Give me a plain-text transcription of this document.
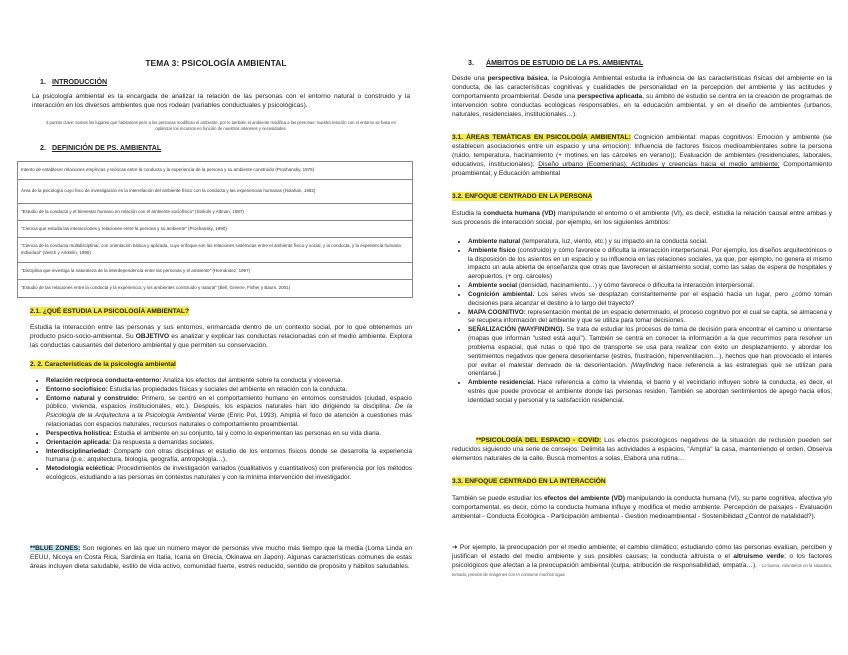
TEMA 3: PSICOLOGÍA AMBIENTAL
1. INTRODUCCIÓN

La psicología ambiental es la encargada de analizar la relación de las personas con el entorno natural o construido y la interacción en los diversos ambientes que nos rodean (variables conductuales y psicológicas).

3 puntos clave: somos los lugares que habitamos pero a los personas modifican el ambiente, por lo también el ambiente modifica a las personas: nuestra relación con el entorno se basa en optimizar los recursos en función de nuestros intereses y necesidades.
2. DEFINICIÓN DE PS. AMBIENTAL
Intento de establecer relaciones empíricas y teóricas entre la conducta y la experiencia de la persona y su ambiente construido (Proshansky, 1976)
Área de la psicología cuyo foco de investigación es la interrelación del ambiente físico con la conducta y las experiencias humanas (Holahan, 1982)
"Estudio de la conducta y el bienestar humano en relación con el ambiente sociofísico" (Stokols y Altman, 1987)
"Ciencia que estudia las interacciones y relaciones entre la persona y su ambiente" (Proshansky, 1990)
"Ciencia de la conducta multidisciplinar, con orientación básica y aplicada, cuyo enfoque son las relaciones sistémicas entre el ambiente físico y social, y la conducta, y la experiencia humana individual" (Veitch y Arkkelin, 1995)
"Disciplina que investiga la naturaleza de la interdependencia entre las personas y el ambiente" (Hernández, 1997)
"Estudio de las relaciones entre la conducta y la experiencia, y los ambientes construido y natural" (Bell, Greene, Fisher y Baum, 2001)
2.1. ¿QUÉ ESTUDIA LA PSICOLOGÍA AMBIENTAL?

Estudia la interacción entre las personas y sus entornos, enmarcada dentro de un contexto social, por lo que obtenemos un producto psico-socio-ambiental. Su OBJETIVO es analizar y explicar las conductas relacionadas con el medio ambiente. Explora las conductas causantes del deterioro ambiental y que permiten su conservación.

2. 2. Características de la psicología ambiental
• Relación recíproca conducta-entorno: Analiza los efectos del ambiente sobre la conducta y viceversa.
• Entorno sociofísico: Estudia las propiedades físicas y sociales del ambiente en relación con la conducta.
• Entorno natural y construido: Primero, se centró en el comportamiento humano en entornos construidos (ciudad, espacio público, vivienda, espacios institucionales, etc.). Después, los espacios naturales han ido dirigiendo la disciplina. De la Psicología de la Arquitectura a la Psicología Ambiental Verde (Enric Pol, 1993). Amplía el foco de atención a cuestiones más relacionadas con espacios naturales, recursos naturales o comportamiento proambiental.
• Perspectiva holística: Estudia el ambiente en su conjunto, tal y como lo experimentan las personas en su vida diaria.
• Orientación aplicada: Da respuesta a demandas sociales.
• Interdisciplinariedad: Comparte con otras disciplinas el estudio de los entornos físicos donde se desarrolla la experiencia humana (p.e.: arquitectura, biología, geografía, antropología…).
• Metodología ecléctica: Procedimientos de investigación variados (cualitativos y cuantitativos) con preferencia por los métodos ecológicos, estudiando a las personas en contextos naturales y con la mínima intervención del investigador.

**BLUE ZONES: Son regiones en las que un número mayor de personas vive mucho más tiempo que la media (Loma Linda en EEUU, Nicoya en Costa Rica, Sardinia en Italia, Icaria en Grecia, Okinawa en Japón). Algunas características comunes de estas áreas incluyen dieta saludable, estilo de vida activo, comunidad fuerte, estrés reducido, sentido de propósito y hábitos saludables.

3. ÁMBITOS DE ESTUDIO DE LA PS. AMBIENTAL

Desde una perspectiva básica, la Psicología Ambiental estudia la influencia de las características físicas del ambiente en la conducta, de las características cognitivas y cualidades de personalidad en la percepción del ambiente y las actitudes y comportamiento proambiental. Desde una perspectiva aplicada, su ámbito de estudio se centra en la creación de programas de intervención sobre conductas ecológicas responsables, en la educación ambiental, y en el diseño de ambientes (urbanos, naturales, residenciales, institucionales…).

3.1. ÁREAS TEMÁTICAS EN PSICOLOGÍA AMBIENTAL: Cognición ambiental: mapas cognitivos: Emoción y ambiente (se establecen asociaciones entre un espacio y una emoción): Influencia de factores físicos medioambientales sobre la persona (ruido, temperatura, hacinamiento (+ motines en las cárceles en verano)); Evaluación de ambientes (residenciales, laborales, educativos, institucionales); Diseño urbano (Ecomerinas); Actitudes y creencias hacia el medio ambiente; Comportamiento proambiental; y Educación ambiental

3.2. ENFOQUE CENTRADO EN LA PERSONA

Estudia la conducta humana (VD) manipulando el entorno o el ambiente (VI), es decir, estudia la relación causal entre ambas y sus procesos de interacción social, por ejemplo, en los siguientes ámbitos:

• Ambiente natural (temperatura, luz, viento, etc.) y su impacto en la conducta social.
• Ambiente físico (construido) y cómo favorece o dificulta la interacción interpersonal. Por ejemplo, los diseños arquitectónicos o la disposición de los asientos en un espacio y su influencia en las relaciones sociales, ya que, por ejemplo, no genera el mismo impacto un aula abierta de enseñanza que otras que favorecen el aislamiento social, como las salas de espera de hospitales y aeropuertos. (+ org. cárceles)
• Ambiente social (densidad, hacinamiento…) y cómo favorece o dificulta la interacción interpersonal.
• Cognición ambiental. Los seres vivos se desplazan constantemente por el espacio hacia un lugar, pero ¿cómo toman decisiones para alcanzar el destino a lo largo del trayecto?
• MAPA COGNITIVO: representación mental de un espacio determinado, el proceso cognitivo por el cual se capta, se almacena y se recupera información del ambiente y que se utiliza para tomar decisiones.
• SEÑALIZACIÓN (WAYFINDING). Se trata de estudiar los procesos de toma de decisión para encontrar el camino u orientarse (mapas que informan "usted está aquí"). También se centra en conocer la información a la que recurrimos para resolver un problema espacial, qué rutas o qué tipo de transporte se usa para realizar con éxito un desplazamiento, y abordar los sentimientos negativos que genera desorientarse (estrés, frustración, hiperventilación…), hechos que han provocado el interés por evitar el malestar derivado de la desorientación. [Wayfinding hace referencia a las estrategias que se utilizan para orientarse.]
• Ambiente residencial. Hace referencia a cómo la vivienda, el barrio y el vecindario influyen sobre la conducta, es decir, el estrés que puede provocar el ambiente donde las personas residen. También se abordan sentimientos de apego hacia ellos, identidad social y personal y la satisfacción residencial.

**PSICOLOGÍA DEL ESPACIO - COVID: Los efectos psicológicos negativos de la situación de reclusión pueden ser reducidos siguiendo una serie de consejos: Delimita las actividades a espacios, "Amplía" la casa, manteniendo el orden, Observa elementos naturales de la calle, Busca momentos a solas, Elabora una rutina…

3.3. ENFOQUE CENTRADO EN LA INTERACCIÓN

También se puede estudiar los efectos del ambiente (VD) manipulando la conducta humana (VI), su parte cognitiva, afectiva y/o comportamental, es decir, cómo la conducta humana influye y modifica el medio ambiente. Percepción de paisajes - Evaluación ambiental - Conducta Ecológica - Participación ambiental - Gestión medioambiental - Sostenibilidad ¿Control de natalidad?).

➜ Por ejemplo, la preocupación por el medio ambiente; el cambio climático; estudiando cómo las personas evalúan, perciben y justifican el estado del medio ambiente y sus posibles causas; la conducta altruista o el altruismo verde; o los factores psicológicos que afectan a la preocupación ambiental (culpa, atribución de responsabilidad, empatía…). - Lo bueno, voluntarios en la situadora, tomado, presión de imágenes con IA consume muchos agua.
